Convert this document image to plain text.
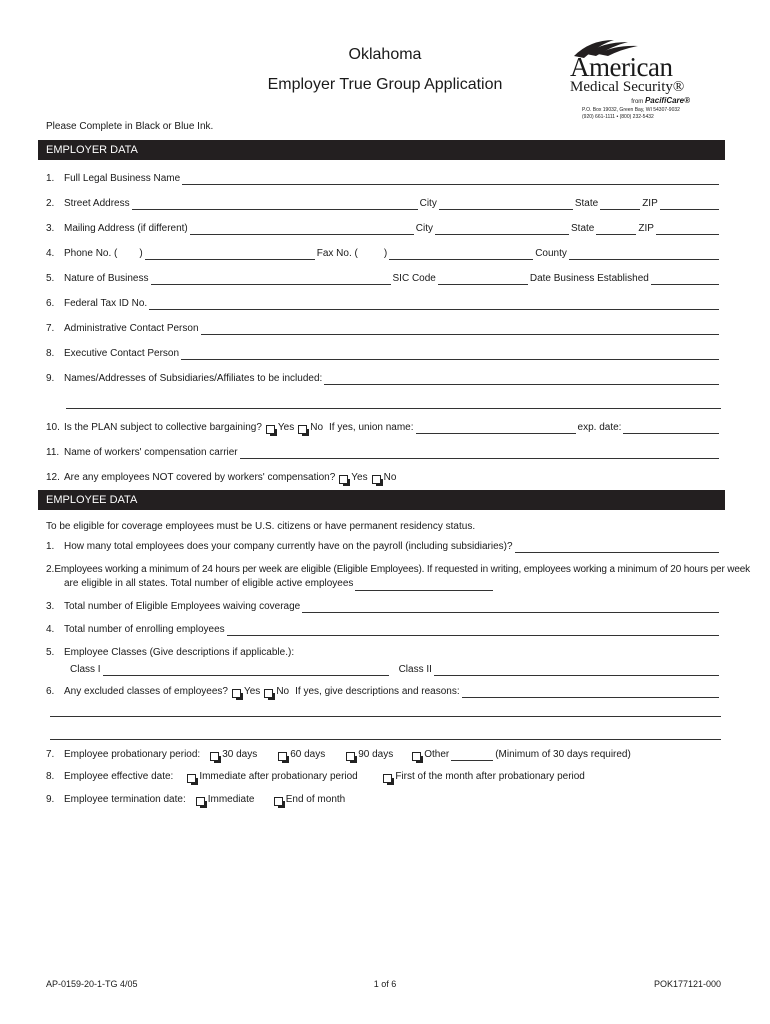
Oklahoma
Employer True Group Application
American
Medical Security®
from PacifiCare®
P.O. Box 19032, Green Bay, WI 54307-9032
(920) 661-1111 • (800) 232-5432
Please Complete in Black or Blue Ink.
EMPLOYER DATA
1. Full Legal Business Name
2. Street Address	City	State	ZIP
3. Mailing Address (if different)	City	State	ZIP
4. Phone No. ( )	Fax No. (	)	County
5. Nature of Business	SIC Code	Date Business Established
6. Federal Tax ID No.
7. Administrative Contact Person
8. Executive Contact Person
9. Names/Addresses of Subsidiaries/Affiliates to be included:
10. Is the PLAN subject to collective bargaining? Yes No If yes, union name:	exp. date:
11. Name of workers' compensation carrier
12. Are any employees NOT covered by workers' compensation? Yes No
EMPLOYEE DATA
To be eligible for coverage employees must be U.S. citizens or have permanent residency status.
1. How many total employees does your company currently have on the payroll (including subsidiaries)?
2. Employees working a minimum of 24 hours per week are eligible (Eligible Employees). If requested in writing, employees working a minimum of 20 hours per week
are eligible in all states. Total number of eligible active employees
3. Total number of Eligible Employees waiving coverage
4. Total number of enrolling employees
5. Employee Classes (Give descriptions if applicable.):
Class I	Class II
6. Any excluded classes of employees? Yes No If yes, give descriptions and reasons:
7. Employee probationary period: 30 days	60 days	90 days	Other	(Minimum of 30 days required)
8. Employee effective date:	Immediate after probationary period	First of the month after probationary period
9. Employee termination date: Immediate	End of month
AP-0159-20-1-TG 4/05	1 of 6	POK177121-000
